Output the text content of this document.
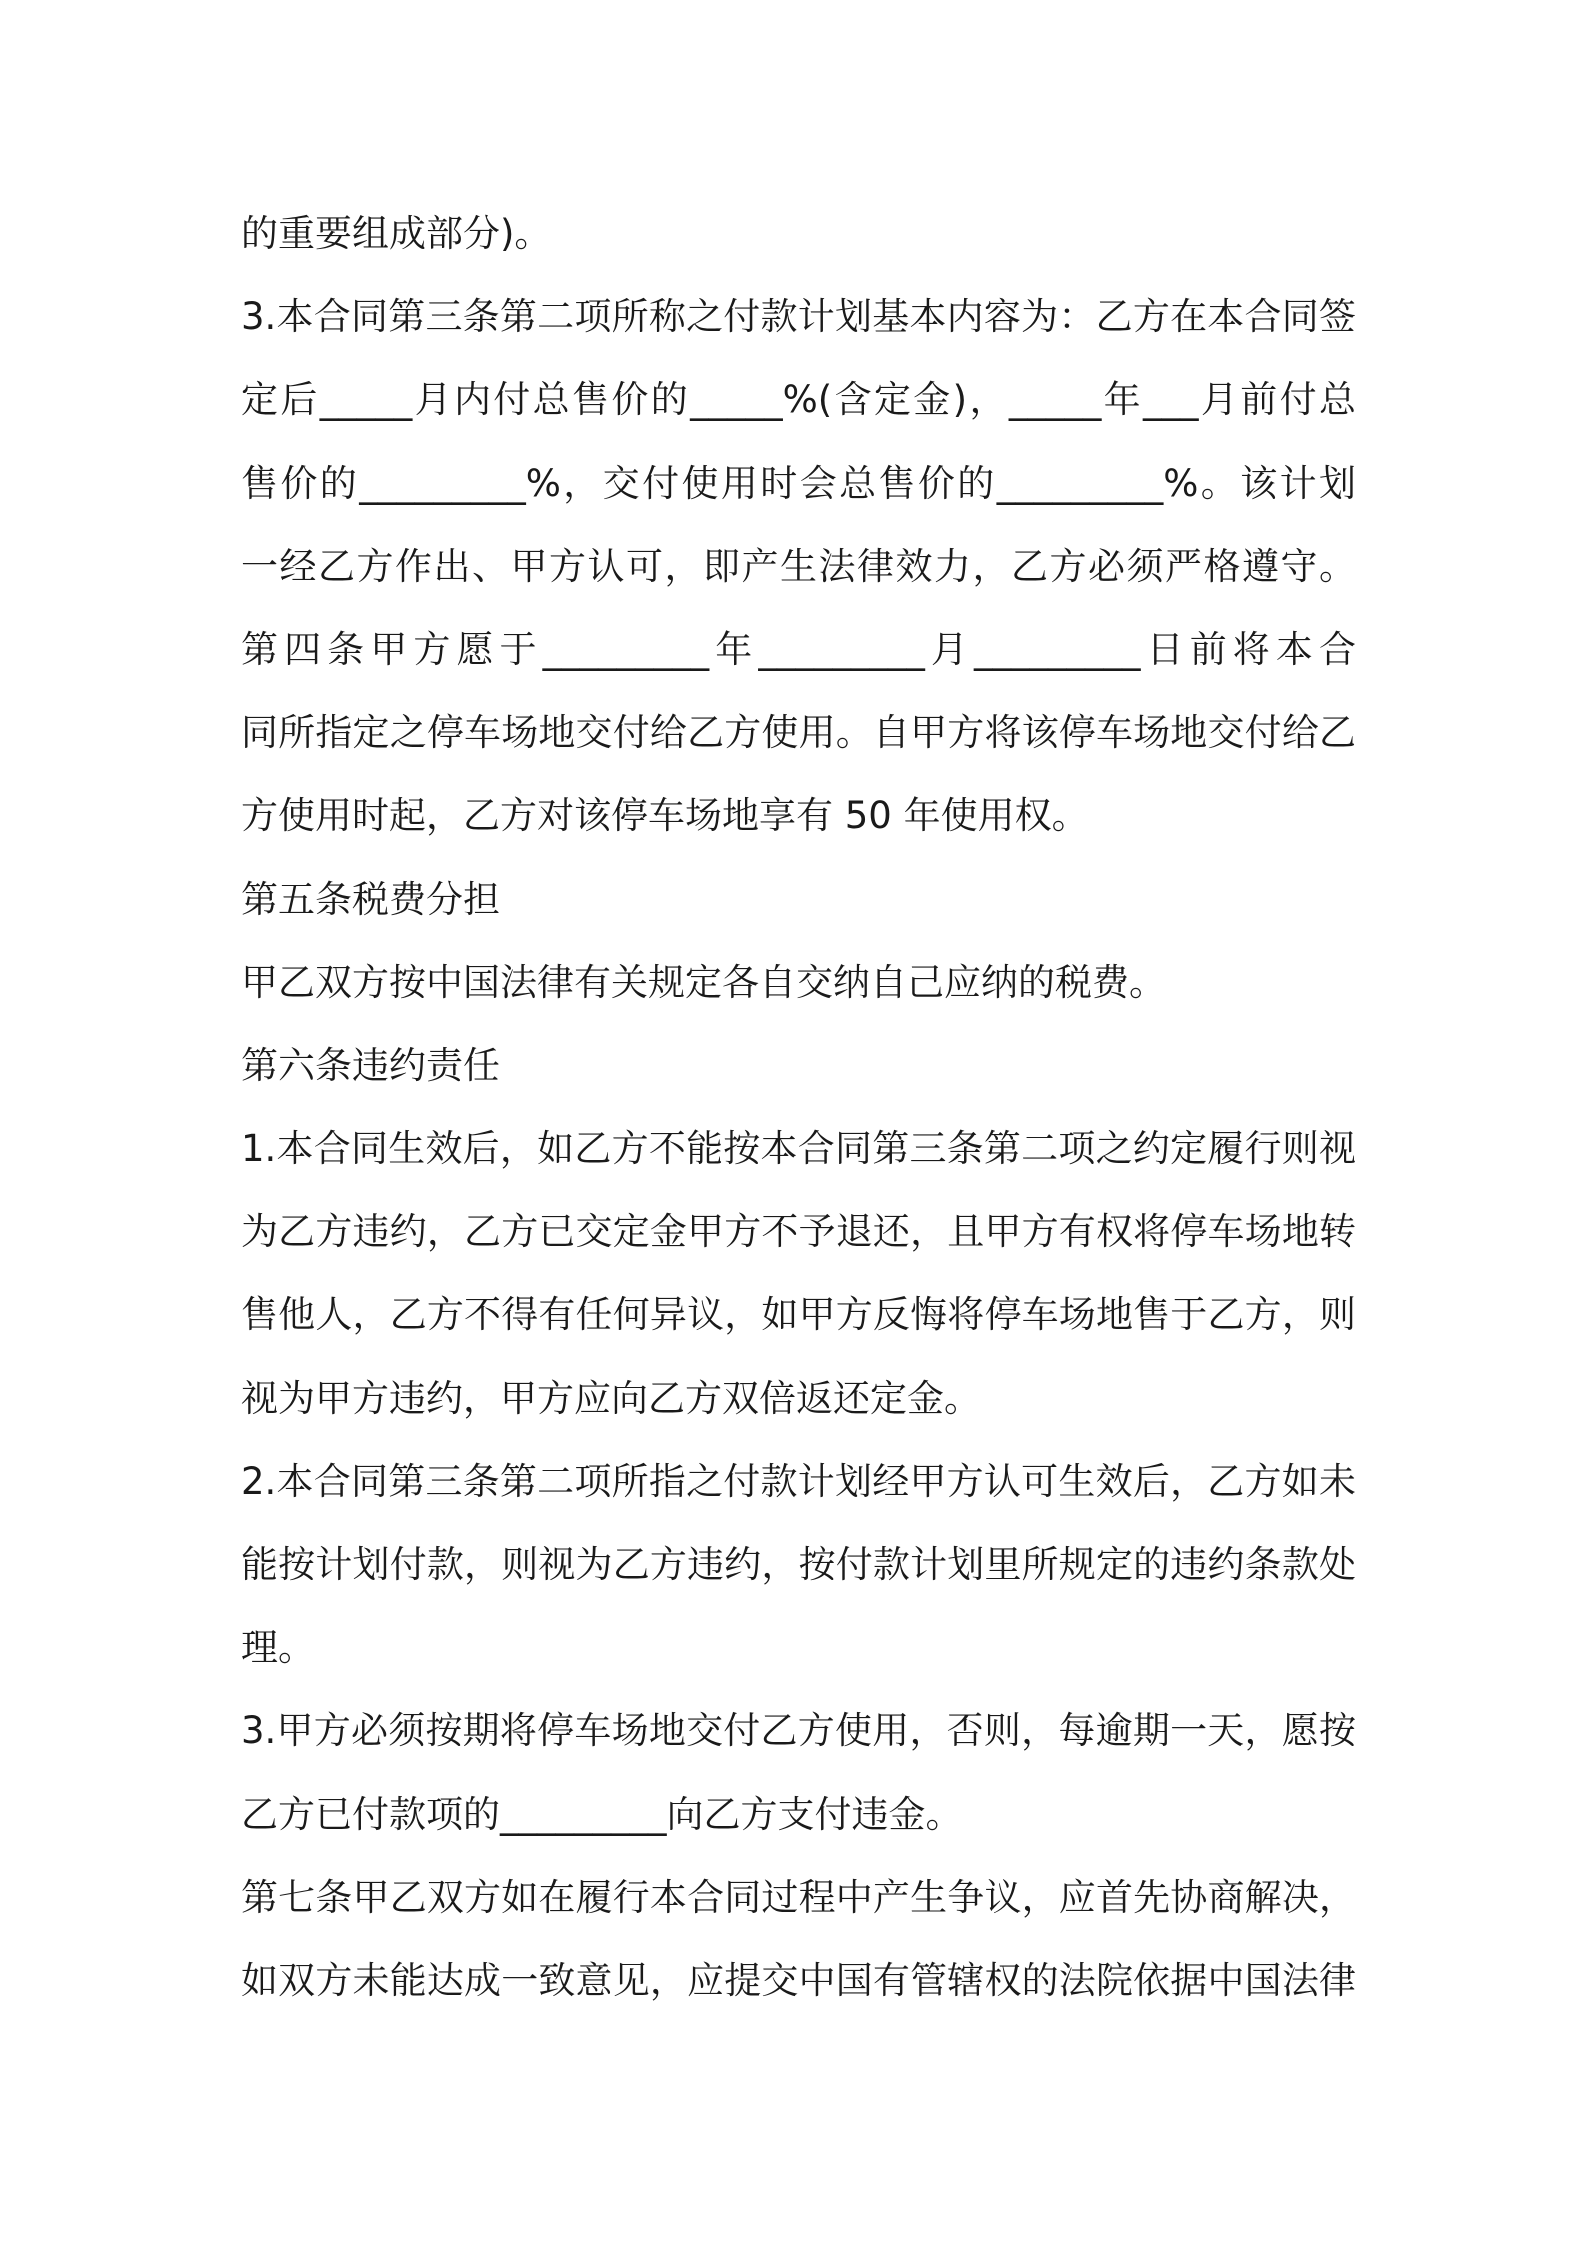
的重要组成部分)。
3.本合同第三条第二项所称之付款计划基本内容为：乙方在本合同签
定后_____月内付总售价的_____%(含定金)，_____年___月前付总
售价的_________%，交付使用时会总售价的_________%。该计划
一经乙方作出、甲方认可，即产生法律效力，乙方必须严格遵守。
第四条甲方愿于_________年_________月_________日前将本合
同所指定之停车场地交付给乙方使用。自甲方将该停车场地交付给乙
方使用时起，乙方对该停车场地享有 50 年使用权。
第五条税费分担
甲乙双方按中国法律有关规定各自交纳自己应纳的税费。
第六条违约责任
1.本合同生效后，如乙方不能按本合同第三条第二项之约定履行则视
为乙方违约，乙方已交定金甲方不予退还，且甲方有权将停车场地转
售他人，乙方不得有任何异议，如甲方反悔将停车场地售于乙方，则
视为甲方违约，甲方应向乙方双倍返还定金。
2.本合同第三条第二项所指之付款计划经甲方认可生效后，乙方如未
能按计划付款，则视为乙方违约，按付款计划里所规定的违约条款处
理。
3.甲方必须按期将停车场地交付乙方使用，否则，每逾期一天，愿按
乙方已付款项的_________向乙方支付违金。
第七条甲乙双方如在履行本合同过程中产生争议，应首先协商解决，
如双方未能达成一致意见，应提交中国有管辖权的法院依据中国法律
